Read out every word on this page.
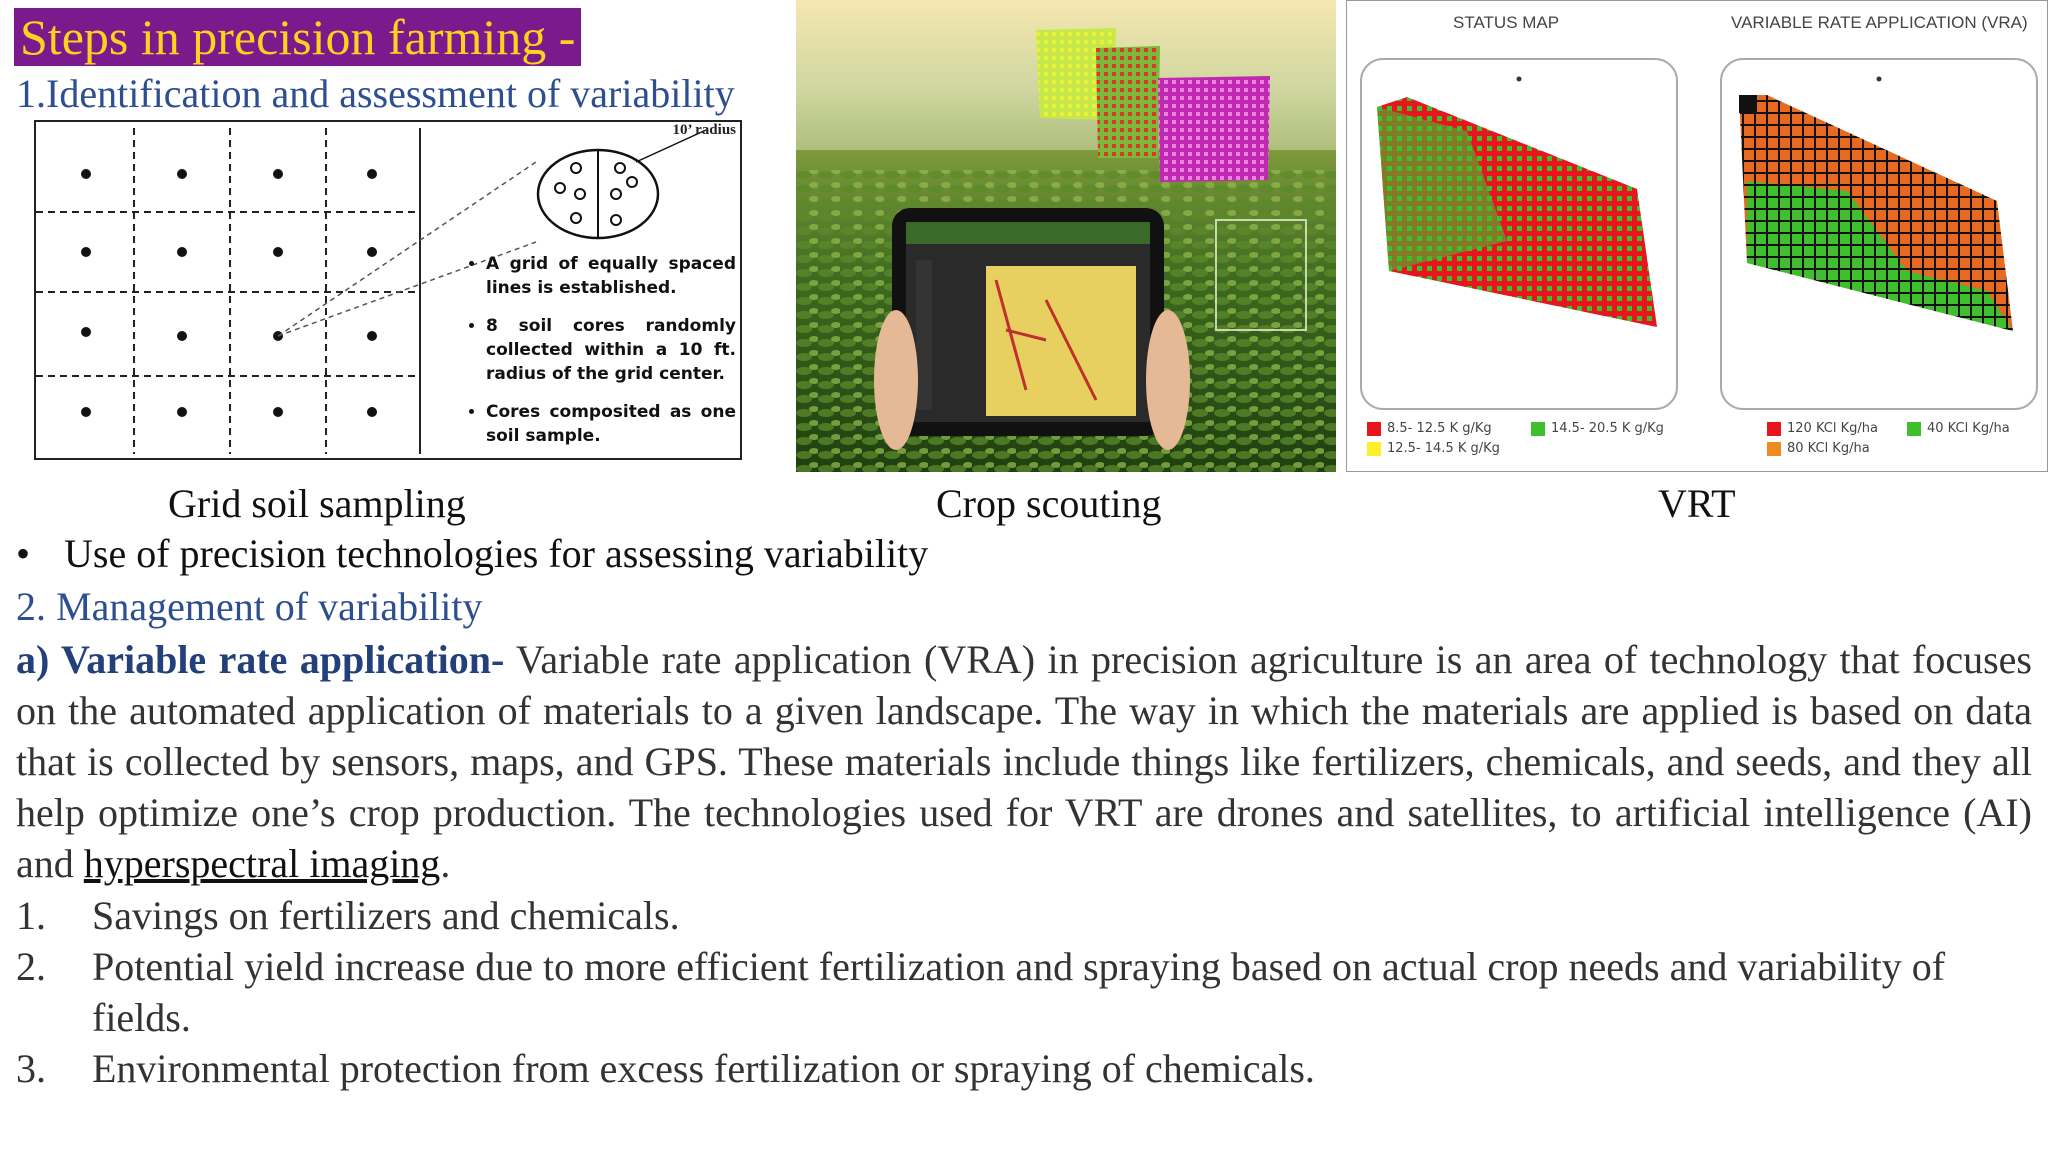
Steps in precision farming -
1.Identification and assessment of variability
10’ radius
• A grid of equally spaced lines is established.
• 8 soil cores randomly collected within a 10 ft. radius of the grid center.
• Cores composited as one soil sample.
STATUS MAP	VARIABLE RATE APPLICATION (VRA)
8.5- 12.5 K g/Kg	14.5- 20.5 K g/Kg
12.5- 14.5 K g/Kg
120 KCl Kg/ha	40 KCl Kg/ha
80 KCl Kg/ha
Grid soil sampling	Crop scouting	VRT
• Use of precision technologies for assessing variability
2. Management of variability
a) Variable rate application- Variable rate application (VRA) in precision agriculture is an area of technology that focuses on the automated application of materials to a given landscape. The way in which the materials are applied is based on data that is collected by sensors, maps, and GPS. These materials include things like fertilizers, chemicals, and seeds, and they all help optimize one’s crop production. The technologies used for VRT are drones and satellites, to artificial intelligence (AI) and hyperspectral imaging.
1.	Savings on fertilizers and chemicals.
2.	Potential yield increase due to more efficient fertilization and spraying based on actual crop needs and variability of fields.
3.	Environmental protection from excess fertilization or spraying of chemicals.
